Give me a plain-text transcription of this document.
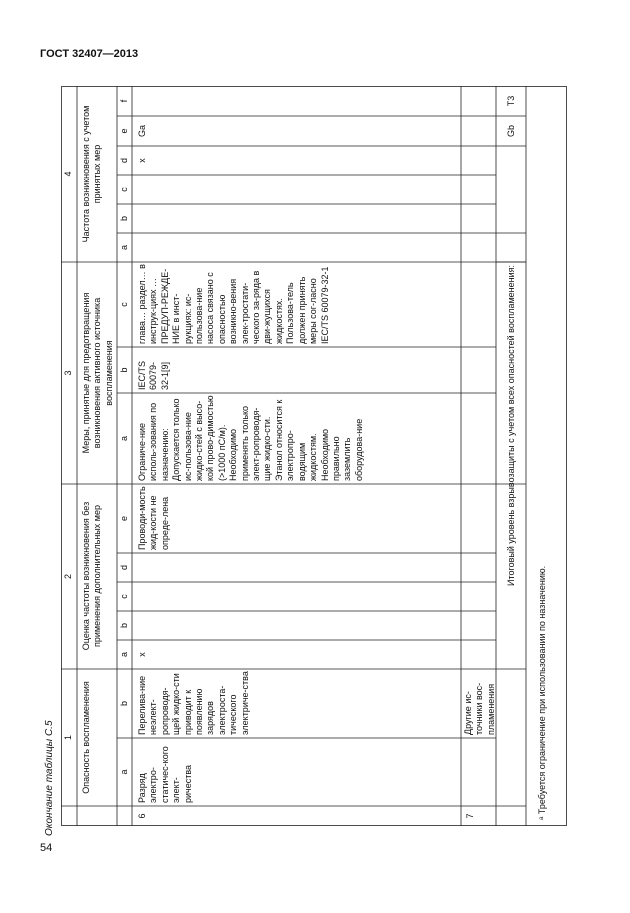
ГОСТ 32407—2013
Окончание таблицы С.5
54
1
2
3
4
Опасность воспламенения
Оценка частоты возникновения без применения дополнительных мер
Меры, принятые для предотвращения возникновения активного источника воспламенения
Частота возникновения с учетом принятых мер
a
b
a
b
c
d
e
a
b
c
a
b
c
d
e
f
6
Разряд электро-статичес-кого элект-ричества
Перелива-ние неэлект-ропроводя-щей жидко-сти приводит к появлению зарядов электроста-тического электриче-ства
x
Проводи-мость жид-кости не опреде-лена
Ограниче-ние исполь-зования по назначению: Допускается только ис-пользова-ние жидко-стей с высо-кой прово-димостью (>1000 пС/м). Необходимо применять только элект-ропроводя-щие жидко-сти. Этанол относится к электропро-водящим жидкостям. Необходимо правильно заземлить оборудова-ние
IEC/TS 60079-32-1[9]
глава… раздел… в инструк-циях … ПРЕДУП-РЕЖДЕ-НИЕ в инст-рукциях: ис-пользова-ние насоса связано с опасностью возникно-вения элек-тростати-ческого за-ряда в дви-жущихся жидкостях. Пользова-тель должен принять меры сог-ласно IEC/TS 60079-32-1
x
Ga
7
Другие ис-точники вос-пламенения
Итоговый уровень взрывозащиты с учетом всех опасностей воспламенения:
Gb
T3
ᵃ Требуется ограничение при использовании по назначению.
